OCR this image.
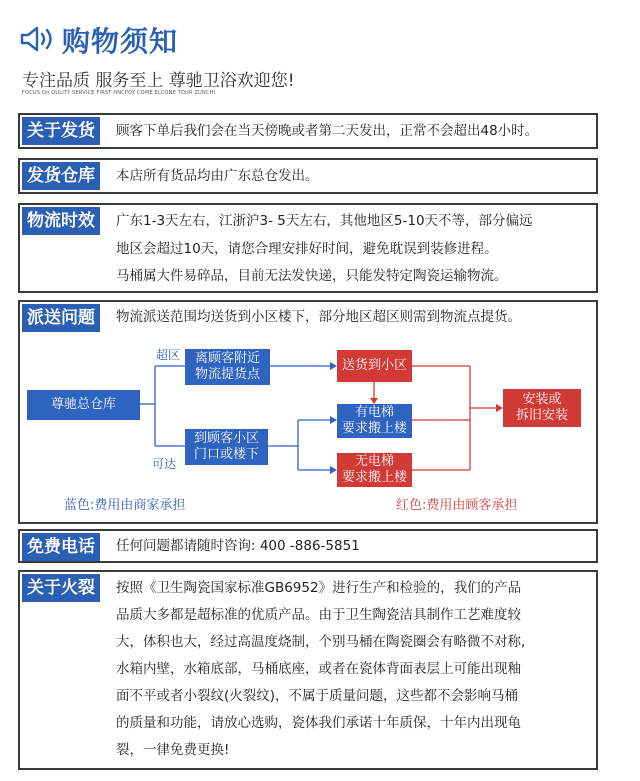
购物须知
专注品质 服务至上 尊驰卫浴欢迎您!
FOCUS On QULITY SERVICE FIRST HNCPOY COME ELCONE TOUR ZUNCHI
关于发货	顾客下单后我们会在当天傍晚或者第二天发出，正常不会超出48小时。
发货仓库	本店所有货品均由广东总仓发出。
物流时效	广东1-3天左右，江浙沪3- 5天左右，其他地区5-10天不等，部分偏远
地区会超过10天，请您合理安排好时间，避免耽误到装修进程。
马桶属大件易碎品，目前无法发快递，只能发特定陶瓷运输物流。
派送问题	物流派送范围均送货到小区楼下，部分地区超区则需到物流点提货。
尊驰总仓库
超区
可达
离顾客附近
物流提货点
到顾客小区
门口或楼下
送货到小区
有电梯
要求搬上楼
无电梯
要求搬上楼
安装或
拆旧安装
蓝色:费用由商家承担	红色:费用由顾客承担
免费电话	任何问题都请随时咨询: 400 -886-5851
关于火裂	按照《卫生陶瓷国家标准GB6952》进行生产和检验的，我们的产品
品质大多都是超标准的优质产品。由于卫生陶瓷洁具制作工艺难度较
大，体积也大，经过高温度烧制，个别马桶在陶瓷圈会有略微不对称,
水箱内壁，水箱底部，马桶底座，或者在瓷体背面表层上可能出现釉
面不平或者小裂纹(火裂纹)，不属于质量问题，这些都不会影响马桶
的质量和功能，请放心选购，瓷体我们承诺十年质保，十年内出现龟
裂，一律免费更换!
